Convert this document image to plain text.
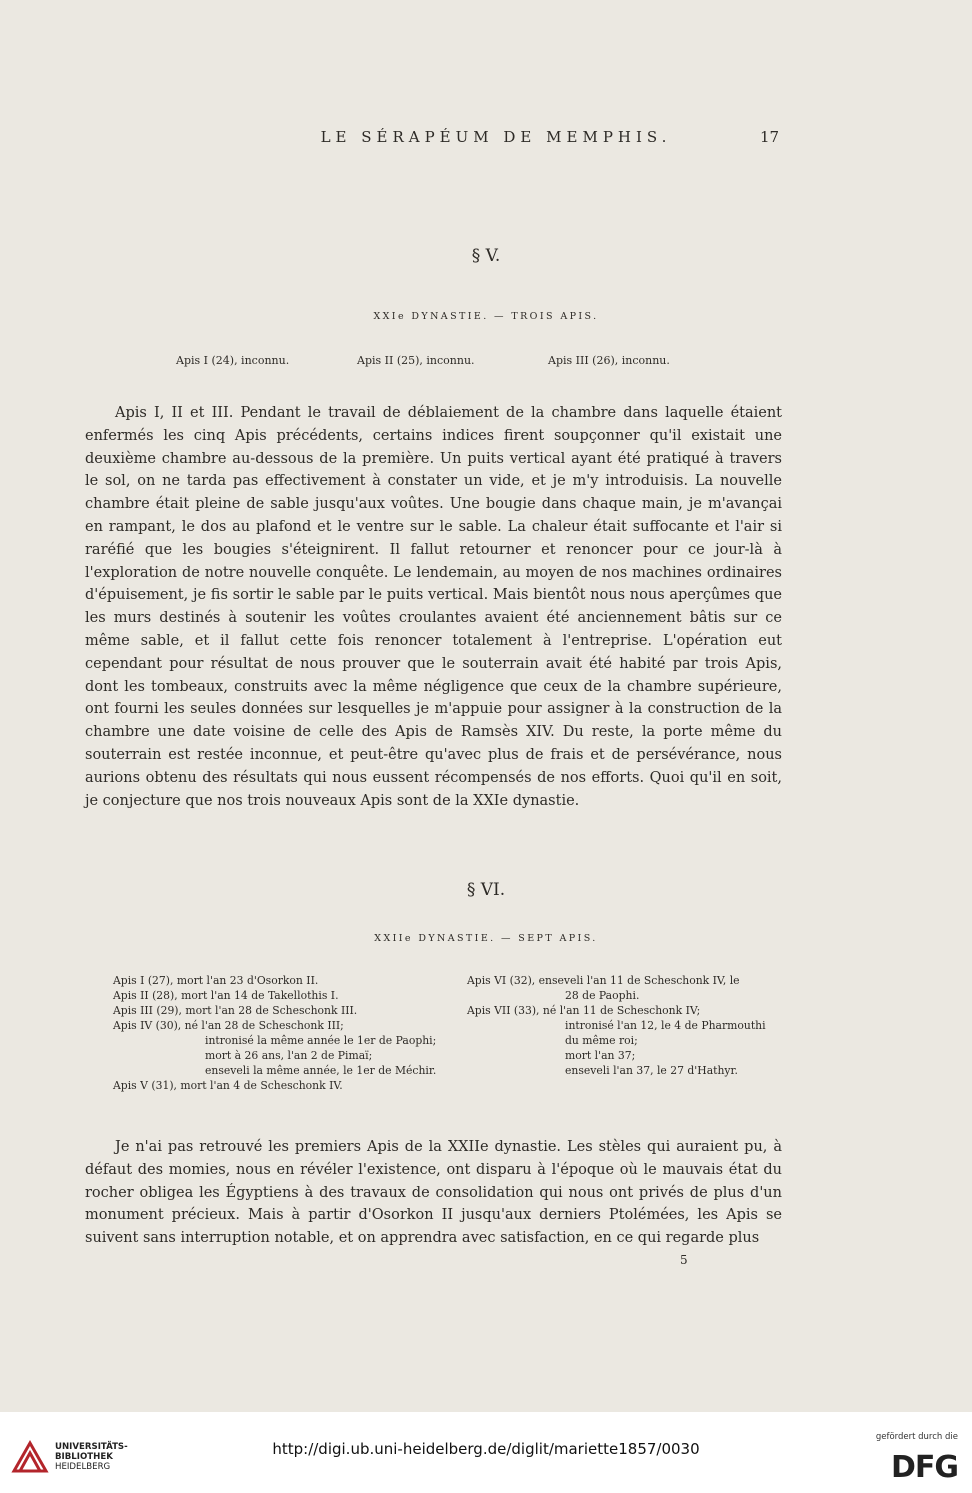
LE SÉRAPÉUM DE MEMPHIS.	17
§ V.
XXIe DYNASTIE. — TROIS APIS.
Apis I (24), inconnu.	Apis II (25), inconnu.	Apis III (26), inconnu.

Apis I, II et III. Pendant le travail de déblaiement de la chambre dans laquelle étaient enfermés les cinq Apis précédents, certains indices firent soupçonner qu'il existait une deuxième chambre au-dessous de la première. Un puits vertical ayant été pratiqué à travers le sol, on ne tarda pas effectivement à constater un vide, et je m'y introduisis. La nouvelle chambre était pleine de sable jusqu'aux voûtes. Une bougie dans chaque main, je m'avançai en rampant, le dos au plafond et le ventre sur le sable. La chaleur était suffocante et l'air si raréfié que les bougies s'éteignirent. Il fallut retourner et renoncer pour ce jour-là à l'exploration de notre nouvelle conquête. Le lendemain, au moyen de nos machines ordinaires d'épuisement, je fis sortir le sable par le puits vertical. Mais bientôt nous nous aperçûmes que les murs destinés à soutenir les voûtes croulantes avaient été anciennement bâtis sur ce même sable, et il fallut cette fois renoncer totalement à l'entreprise. L'opération eut cependant pour résultat de nous prouver que le souterrain avait été habité par trois Apis, dont les tombeaux, construits avec la même négligence que ceux de la chambre supérieure, ont fourni les seules données sur lesquelles je m'appuie pour assigner à la construction de la chambre une date voisine de celle des Apis de Ramsès XIV. Du reste, la porte même du souterrain est restée inconnue, et peut-être qu'avec plus de frais et de persévérance, nous aurions obtenu des résultats qui nous eussent récompensés de nos efforts. Quoi qu'il en soit, je conjecture que nos trois nouveaux Apis sont de la XXIe dynastie.

§ VI.
XXIIe DYNASTIE. — SEPT APIS.
Apis I (27), mort l'an 23 d'Osorkon II.
Apis II (28), mort l'an 14 de Takellothis I.
Apis III (29), mort l'an 28 de Scheschonk III.
Apis IV (30), né l'an 28 de Scheschonk III;
intronisé la même année le 1er de Paophi;
mort à 26 ans, l'an 2 de Pimaï;
enseveli la même année, le 1er de Méchir.
Apis V (31), mort l'an 4 de Scheschonk IV.
Apis VI (32), enseveli l'an 11 de Scheschonk IV, le
28 de Paophi.
Apis VII (33), né l'an 11 de Scheschonk IV;
intronisé l'an 12, le 4 de Pharmouthi
du même roi;
mort l'an 37;
enseveli l'an 37, le 27 d'Hathyr.

Je n'ai pas retrouvé les premiers Apis de la XXIIe dynastie. Les stèles qui auraient pu, à défaut des momies, nous en révéler l'existence, ont disparu à l'époque où le mauvais état du rocher obligea les Égyptiens à des travaux de consolidation qui nous ont privés de plus d'un monument précieux. Mais à partir d'Osorkon II jusqu'aux derniers Ptolémées, les Apis se suivent sans interruption notable, et on apprendra avec satisfaction, en ce qui regarde plus

5
UNIVERSITÄTS-
BIBLIOTHEK
HEIDELBERG
http://digi.ub.uni-heidelberg.de/diglit/mariette1857/0030
gefördert durch die
DFG
